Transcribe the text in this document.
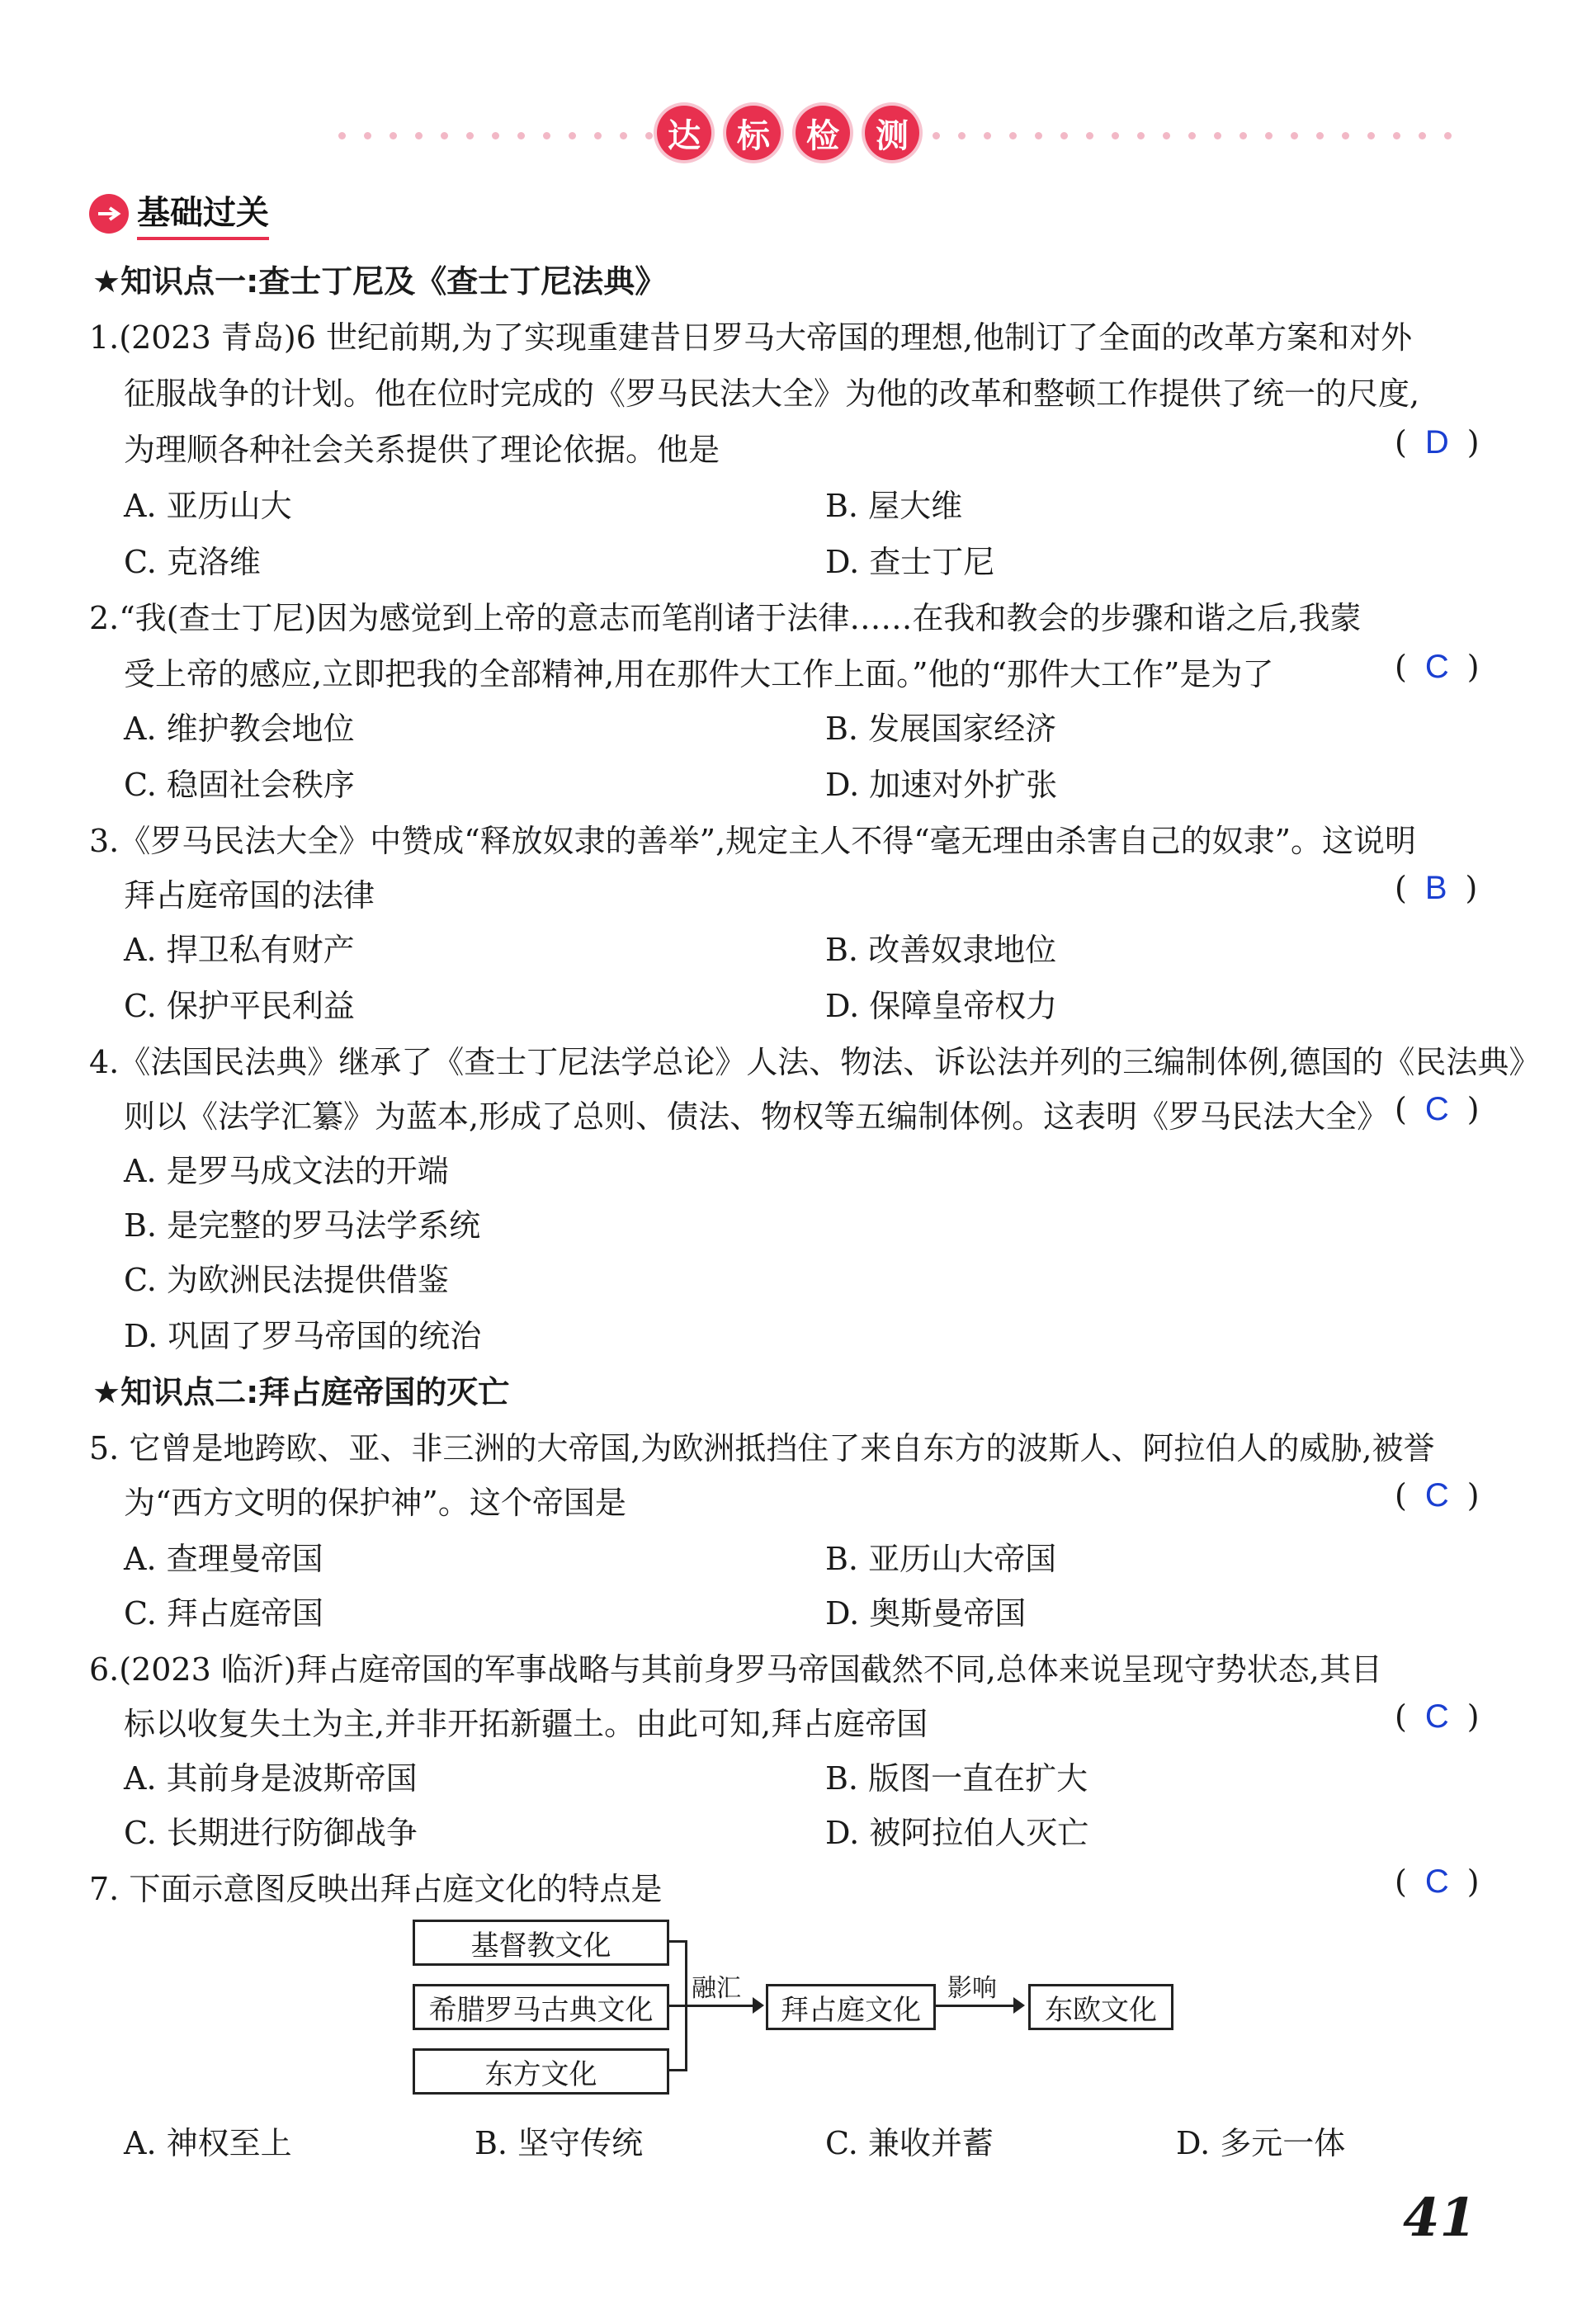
达	标	检	测
基础过关
★知识点一:查士丁尼及《查士丁尼法典》
1.(2023 青岛)6 世纪前期,为了实现重建昔日罗马大帝国的理想,他制订了全面的改革方案和对外
征服战争的计划。他在位时完成的《罗马民法大全》为他的改革和整顿工作提供了统一的尺度,
为理顺各种社会关系提供了理论依据。他是	( D )
A. 亚历山大	B. 屋大维
C. 克洛维	D. 查士丁尼
2.“我(查士丁尼)因为感觉到上帝的意志而笔削诸于法律……在我和教会的步骤和谐之后,我蒙
受上帝的感应,立即把我的全部精神,用在那件大工作上面。”他的“那件大工作”是为了	( C )
A. 维护教会地位	B. 发展国家经济
C. 稳固社会秩序	D. 加速对外扩张
3.《罗马民法大全》中赞成“释放奴隶的善举”,规定主人不得“毫无理由杀害自己的奴隶”。这说明
拜占庭帝国的法律	( B )
A. 捍卫私有财产	B. 改善奴隶地位
C. 保护平民利益	D. 保障皇帝权力
4.《法国民法典》继承了《查士丁尼法学总论》人法、物法、诉讼法并列的三编制体例,德国的《民法典》
则以《法学汇纂》为蓝本,形成了总则、债法、物权等五编制体例。这表明《罗马民法大全》 ( C )
A. 是罗马成文法的开端
B. 是完整的罗马法学系统
C. 为欧洲民法提供借鉴
D. 巩固了罗马帝国的统治
★知识点二:拜占庭帝国的灭亡
5. 它曾是地跨欧、亚、非三洲的大帝国,为欧洲抵挡住了来自东方的波斯人、阿拉伯人的威胁,被誉
为“西方文明的保护神”。这个帝国是	( C )
A. 查理曼帝国	B. 亚历山大帝国
C. 拜占庭帝国	D. 奥斯曼帝国
6.(2023 临沂)拜占庭帝国的军事战略与其前身罗马帝国截然不同,总体来说呈现守势状态,其目
标以收复失土为主,并非开拓新疆土。由此可知,拜占庭帝国	( C )
A. 其前身是波斯帝国	B. 版图一直在扩大
C. 长期进行防御战争	D. 被阿拉伯人灭亡
7. 下面示意图反映出拜占庭文化的特点是	( C )
基督教文化
希腊罗马古典文化
东方文化
融汇
拜占庭文化
影响
东欧文化
A. 神权至上	B. 坚守传统	C. 兼收并蓄	D. 多元一体
41
